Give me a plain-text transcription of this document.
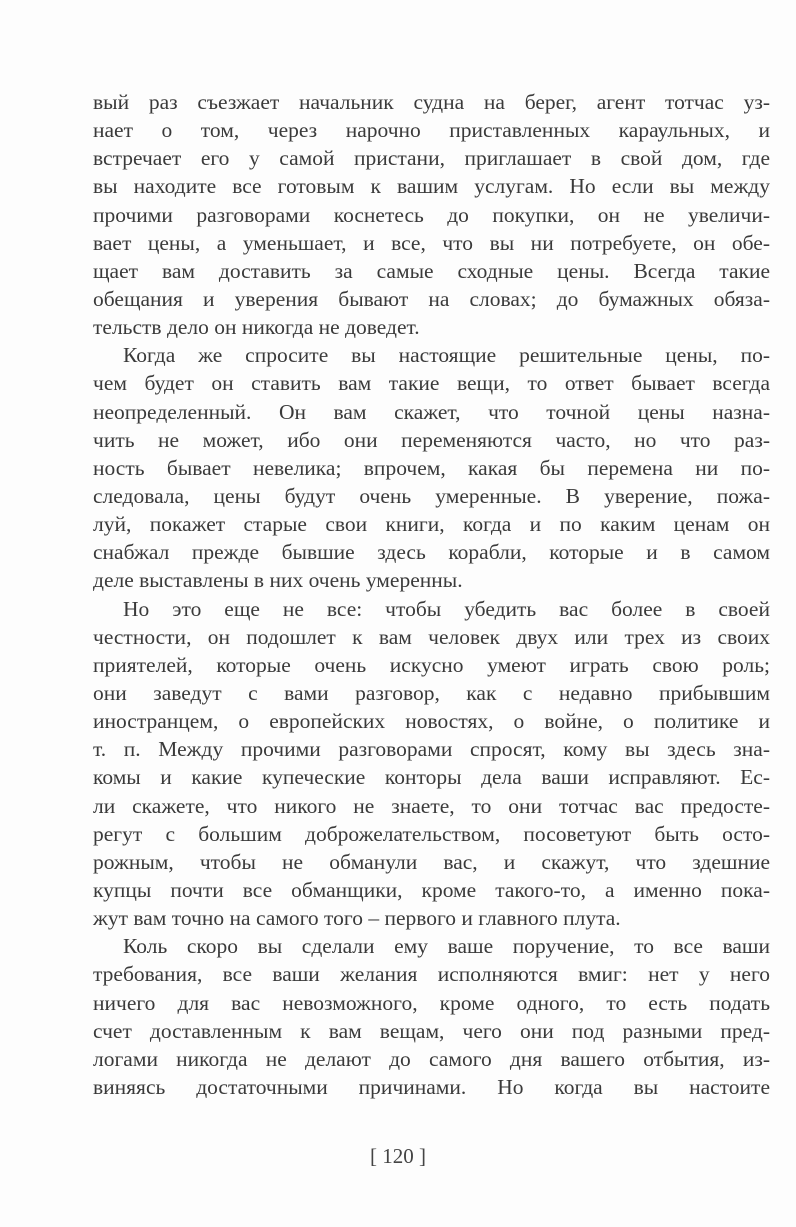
вый раз съезжает начальник судна на берег, агент тотчас уз-
нает о том, через нарочно приставленных караульных, и
встречает его у самой пристани, приглашает в свой дом, где
вы находите все готовым к вашим услугам. Но если вы между
прочими разговорами коснетесь до покупки, он не увеличи-
вает цены, а уменьшает, и все, что вы ни потребуете, он обе-
щает вам доставить за самые сходные цены. Всегда такие
обещания и уверения бывают на словах; до бумажных обяза-
тельств дело он никогда не доведет.
Когда же спросите вы настоящие решительные цены, по-
чем будет он ставить вам такие вещи, то ответ бывает всегда
неопределенный. Он вам скажет, что точной цены назна-
чить не может, ибо они переменяются часто, но что раз-
ность бывает невелика; впрочем, какая бы перемена ни по-
следовала, цены будут очень умеренные. В уверение, пожа-
луй, покажет старые свои книги, когда и по каким ценам он
снабжал прежде бывшие здесь корабли, которые и в самом
деле выставлены в них очень умеренны.
Но это еще не все: чтобы убедить вас более в своей
честности, он подошлет к вам человек двух или трех из своих
приятелей, которые очень искусно умеют играть свою роль;
они заведут с вами разговор, как с недавно прибывшим
иностранцем, о европейских новостях, о войне, о политике и
т. п. Между прочими разговорами спросят, кому вы здесь зна-
комы и какие купеческие конторы дела ваши исправляют. Ес-
ли скажете, что никого не знаете, то они тотчас вас предосте-
регут с большим доброжелательством, посоветуют быть осто-
рожным, чтобы не обманули вас, и скажут, что здешние
купцы почти все обманщики, кроме такого-то, а именно пока-
жут вам точно на самого того – первого и главного плута.
Коль скоро вы сделали ему ваше поручение, то все ваши
требования, все ваши желания исполняются вмиг: нет у него
ничего для вас невозможного, кроме одного, то есть подать
счет доставленным к вам вещам, чего они под разными пред-
логами никогда не делают до самого дня вашего отбытия, из-
виняясь достаточными причинами. Но когда вы настоите
[ 120 ]
